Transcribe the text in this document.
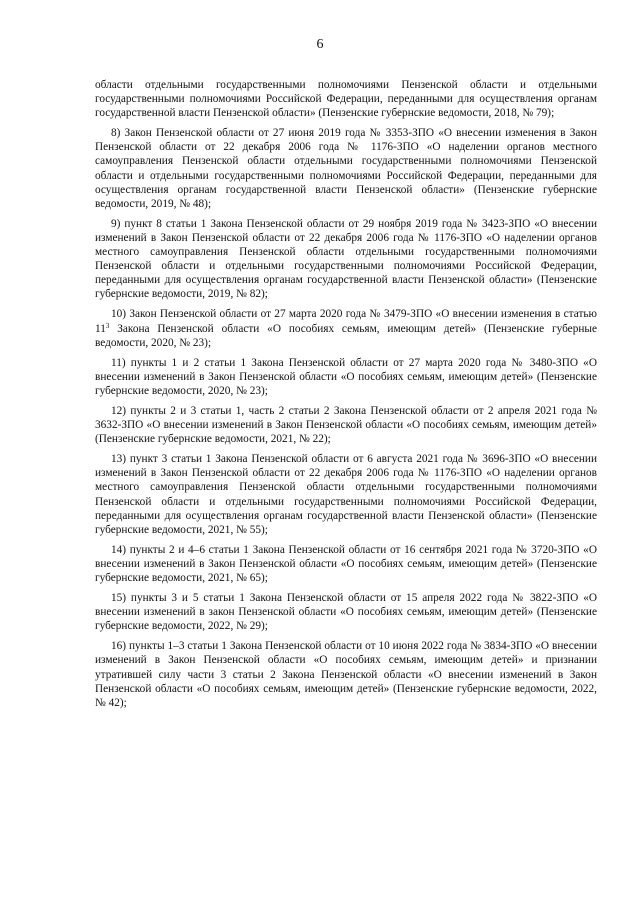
6

области отдельными государственными полномочиями Пензенской области и отдельными государственными полномочиями Российской Федерации, переданными для осуществления органам государственной власти Пензенской области» (Пензенские губернские ведомости, 2018, № 79);

8) Закон Пензенской области от 27 июня 2019 года № 3353-ЗПО «О внесении изменения в Закон Пензенской области от 22 декабря 2006 года № 1176-ЗПО «О наделении органов местного самоуправления Пензенской области отдельными государственными полномочиями Пензенской области и отдельными государственными полномочиями Российской Федерации, переданными для осуществления органам государственной власти Пензенской области» (Пензенские губернские ведомости, 2019, № 48);

9) пункт 8 статьи 1 Закона Пензенской области от 29 ноября 2019 года № 3423-ЗПО «О внесении изменений в Закон Пензенской области от 22 декабря 2006 года № 1176-ЗПО «О наделении органов местного самоуправления Пензенской области отдельными государственными полномочиями Пензенской области и отдельными государственными полномочиями Российской Федерации, переданными для осуществления органам государственной власти Пензенской области» (Пензенские губернские ведомости, 2019, № 82);

10) Закон Пензенской области от 27 марта 2020 года № 3479-ЗПО «О внесении изменения в статью $11^3$ Закона Пензенской области «О пособиях семьям, имеющим детей» (Пензенские губерные ведомости, 2020, № 23);

11) пункты 1 и 2 статьи 1 Закона Пензенской области от 27 марта 2020 года № 3480-ЗПО «О внесении изменений в Закон Пензенской области «О пособиях семьям, имеющим детей» (Пензенские губернские ведомости, 2020, № 23);

12) пункты 2 и 3 статьи 1, часть 2 статьи 2 Закона Пензенской области от 2 апреля 2021 года № 3632-ЗПО «О внесении изменений в Закон Пензенской области «О пособиях семьям, имеющим детей» (Пензенские губернские ведомости, 2021, № 22);

13) пункт 3 статьи 1 Закона Пензенской области от 6 августа 2021 года № 3696-ЗПО «О внесении изменений в Закон Пензенской области от 22 декабря 2006 года № 1176-ЗПО «О наделении органов местного самоуправления Пензенской области отдельными государственными полномочиями Пензенской области и отдельными государственными полномочиями Российской Федерации, переданными для осуществления органам государственной власти Пензенской области» (Пензенские губернские ведомости, 2021, № 55);

14) пункты 2 и 4–6 статьи 1 Закона Пензенской области от 16 сентября 2021 года № 3720-ЗПО «О внесении изменений в Закон Пензенской области «О пособиях семьям, имеющим детей» (Пензенские губернские ведомости, 2021, № 65);

15) пункты 3 и 5 статьи 1 Закона Пензенской области от 15 апреля 2022 года № 3822-ЗПО «О внесении изменений в закон Пензенской области «О пособиях семьям, имеющим детей» (Пензенские губернские ведомости, 2022, № 29);

16) пункты 1–3 статьи 1 Закона Пензенской области от 10 июня 2022 года № 3834-ЗПО «О внесении изменений в Закон Пензенской области «О пособиях семьям, имеющим детей» и признании утратившей силу части 3 статьи 2 Закона Пензенской области «О внесении изменений в Закон Пензенской области «О пособиях семьям, имеющим детей» (Пензенские губернские ведомости, 2022, № 42);
